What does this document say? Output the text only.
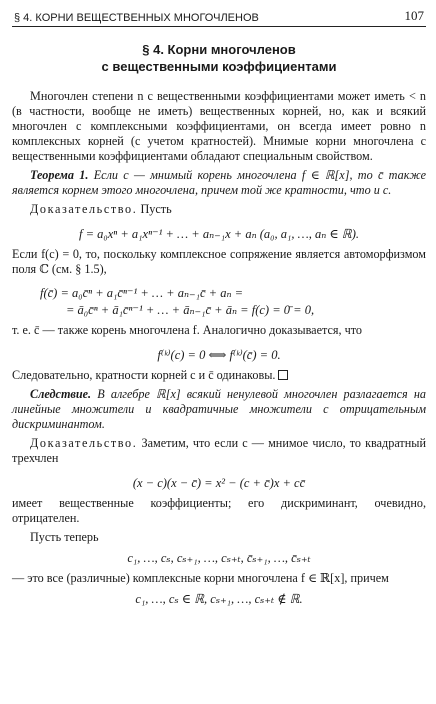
§ 4. КОРНИ ВЕЩЕСТВЕННЫХ МНОГОЧЛЕНОВ	107
§ 4. Корни многочленов
с вещественными коэффициентами

Многочлен степени n с вещественными коэффициентами может иметь < n (в частности, вообще не иметь) вещественных корней, но, как и всякий многочлен с комплексными коэффициентами, он всегда имеет ровно n комплексных корней (с учетом кратностей). Мнимые корни многочлена с вещественными коэффициентами обладают специальным свойством.

Теорема 1. Если c — мнимый корень многочлена f ∈ ℝ[x], то c̄ также является корнем этого многочлена, причем той же кратности, что и c.

Доказательство. Пусть

f = a₀xⁿ + a₁xⁿ⁻¹ + … + aₙ₋₁x + aₙ (a₀, a₁, …, aₙ ∈ ℝ).

Если f(c) = 0, то, поскольку комплексное сопряжение является автоморфизмом поля ℂ (см. § 1.5),

f(c̄) = a₀c̄ⁿ + a₁c̄ⁿ⁻¹ + … + aₙ₋₁c̄ + aₙ =
= ā₀c̄ⁿ + ā₁c̄ⁿ⁻¹ + … + āₙ₋₁c̄ + āₙ = f(c) = 0̄ = 0,

т. е. c̄ — также корень многочлена f. Аналогично доказывается, что

f⁽ᵏ⁾(c) = 0 ⟺ f⁽ᵏ⁾(c̄) = 0.

Следовательно, кратности корней c и c̄ одинаковы.

Следствие. В алгебре ℝ[x] всякий ненулевой многочлен разлагается на линейные множители и квадратичные множители с отрицательным дискриминантом.

Доказательство. Заметим, что если c — мнимое число, то квадратный трехчлен

(x − c)(x − c̄) = x² − (c + c̄)x + cc̄

имеет вещественные коэффициенты; его дискриминант, очевидно, отрицателен.

Пусть теперь

c₁, …, cₛ, cₛ₊₁, …, cₛ₊ₜ, c̄ₛ₊₁, …, c̄ₛ₊ₜ

— это все (различные) комплексные корни многочлена f ∈ ℝ[x], причем

c₁, …, cₛ ∈ ℝ, cₛ₊₁, …, cₛ₊ₜ ∉ ℝ.
